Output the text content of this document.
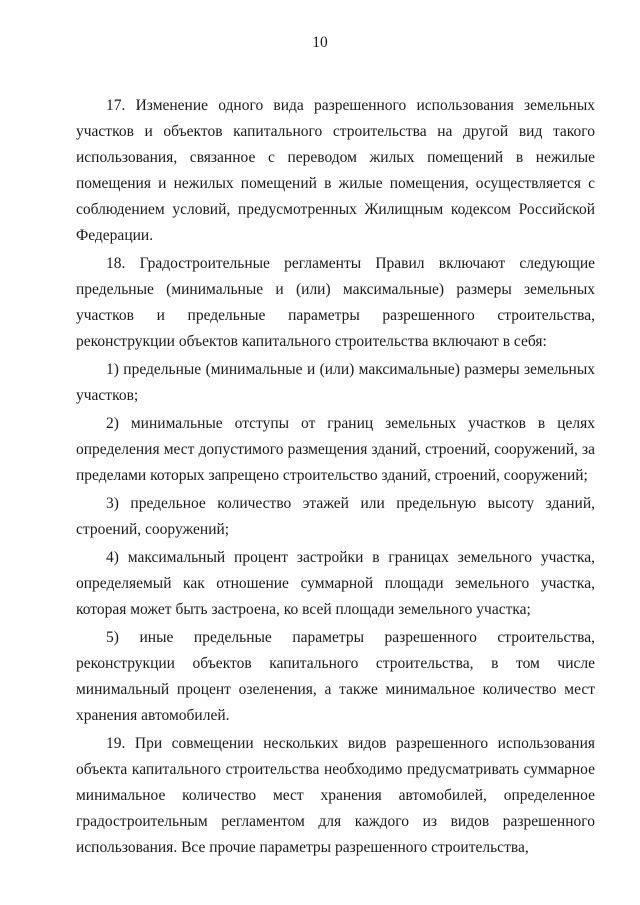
10

17. Изменение одного вида разрешенного использования земельных участков и объектов капитального строительства на другой вид такого использования, связанное с переводом жилых помещений в нежилые помещения и нежилых помещений в жилые помещения, осуществляется с соблюдением условий, предусмотренных Жилищным кодексом Российской Федерации.

18. Градостроительные регламенты Правил включают следующие предельные (минимальные и (или) максимальные) размеры земельных участков и предельные параметры разрешенного строительства, реконструкции объектов капитального строительства включают в себя:

1) предельные (минимальные и (или) максимальные) размеры земельных участков;

2) минимальные отступы от границ земельных участков в целях определения мест допустимого размещения зданий, строений, сооружений, за пределами которых запрещено строительство зданий, строений, сооружений;

3) предельное количество этажей или предельную высоту зданий, строений, сооружений;

4) максимальный процент застройки в границах земельного участка, определяемый как отношение суммарной площади земельного участка, которая может быть застроена, ко всей площади земельного участка;

5) иные предельные параметры разрешенного строительства, реконструкции объектов капитального строительства, в том числе минимальный процент озеленения, а также минимальное количество мест хранения автомобилей.

19. При совмещении нескольких видов разрешенного использования объекта капитального строительства необходимо предусматривать суммарное минимальное количество мест хранения автомобилей, определенное градостроительным регламентом для каждого из видов разрешенного использования. Все прочие параметры разрешенного строительства,
